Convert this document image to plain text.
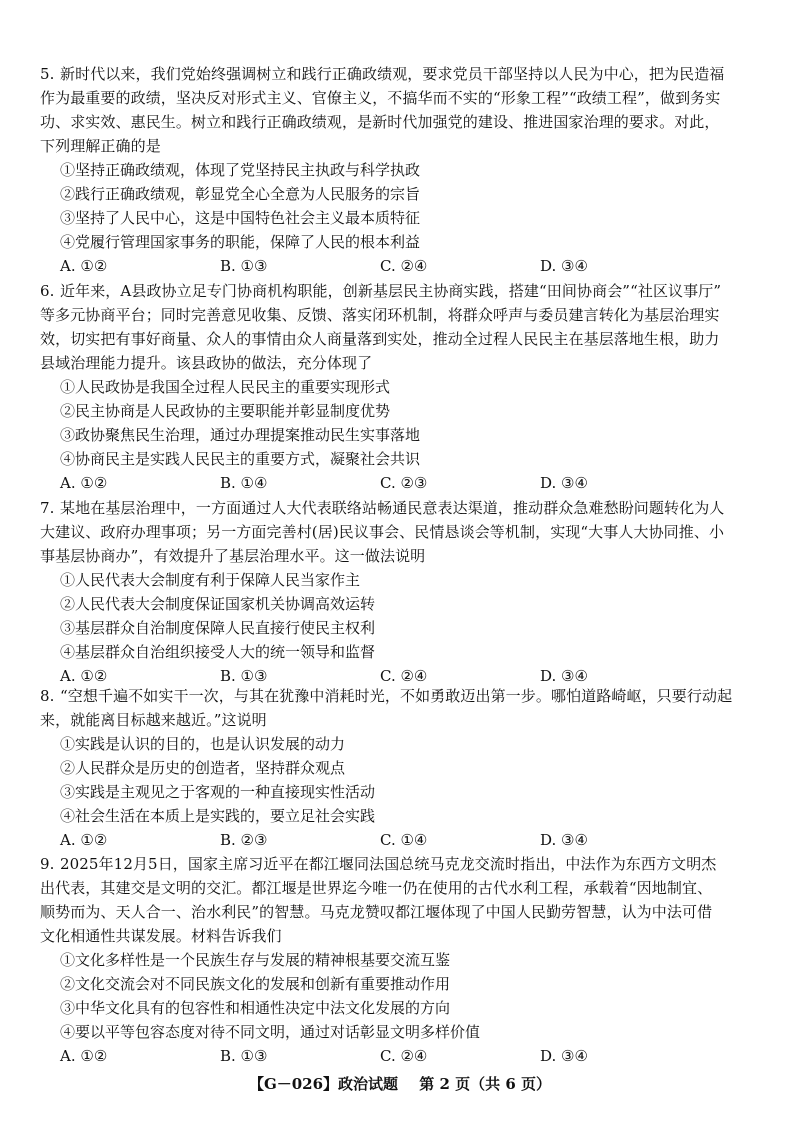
5. 新时代以来，我们党始终强调树立和践行正确政绩观，要求党员干部坚持以人民为中心，把为民造福
作为最重要的政绩，坚决反对形式主义、官僚主义，不搞华而不实的“形象工程”“政绩工程”，做到务实
功、求实效、惠民生。树立和践行正确政绩观，是新时代加强党的建设、推进国家治理的要求。对此，
下列理解正确的是
①坚持正确政绩观，体现了党坚持民主执政与科学执政
②践行正确政绩观，彰显党全心全意为人民服务的宗旨
③坚持了人民中心，这是中国特色社会主义最本质特征
④党履行管理国家事务的职能，保障了人民的根本利益
A. ①②	B. ①③	C. ②④	D. ③④
6. 近年来，A县政协立足专门协商机构职能，创新基层民主协商实践，搭建“田间协商会”“社区议事厅”
等多元协商平台；同时完善意见收集、反馈、落实闭环机制，将群众呼声与委员建言转化为基层治理实
效，切实把有事好商量、众人的事情由众人商量落到实处，推动全过程人民民主在基层落地生根，助力
县域治理能力提升。该县政协的做法，充分体现了
①人民政协是我国全过程人民民主的重要实现形式
②民主协商是人民政协的主要职能并彰显制度优势
③政协聚焦民生治理，通过办理提案推动民生实事落地
④协商民主是实践人民民主的重要方式，凝聚社会共识
A. ①②	B. ①④	C. ②③	D. ③④
7. 某地在基层治理中，一方面通过人大代表联络站畅通民意表达渠道，推动群众急难愁盼问题转化为人
大建议、政府办理事项；另一方面完善村(居)民议事会、民情恳谈会等机制，实现“大事人大协同推、小
事基层协商办”，有效提升了基层治理水平。这一做法说明
①人民代表大会制度有利于保障人民当家作主
②人民代表大会制度保证国家机关协调高效运转
③基层群众自治制度保障人民直接行使民主权利
④基层群众自治组织接受人大的统一领导和监督
A. ①②	B. ①③	C. ②④	D. ③④
8. “空想千遍不如实干一次，与其在犹豫中消耗时光，不如勇敢迈出第一步。哪怕道路崎岖，只要行动起
来，就能离目标越来越近。”这说明
①实践是认识的目的，也是认识发展的动力
②人民群众是历史的创造者，坚持群众观点
③实践是主观见之于客观的一种直接现实性活动
④社会生活在本质上是实践的，要立足社会实践
A. ①②	B. ②③	C. ①④	D. ③④
9. 2025年12月5日，国家主席习近平在都江堰同法国总统马克龙交流时指出，中法作为东西方文明杰
出代表，其建交是文明的交汇。都江堰是世界迄今唯一仍在使用的古代水利工程，承载着“因地制宜、
顺势而为、天人合一、治水利民”的智慧。马克龙赞叹都江堰体现了中国人民勤劳智慧，认为中法可借
文化相通性共谋发展。材料告诉我们
①文化多样性是一个民族生存与发展的精神根基要交流互鉴
②文化交流会对不同民族文化的发展和创新有重要推动作用
③中华文化具有的包容性和相通性决定中法文化发展的方向
④要以平等包容态度对待不同文明，通过对话彰显文明多样价值
A. ①②	B. ①③	C. ②④	D. ③④
【G－026】政治试题 第 2 页（共 6 页）
